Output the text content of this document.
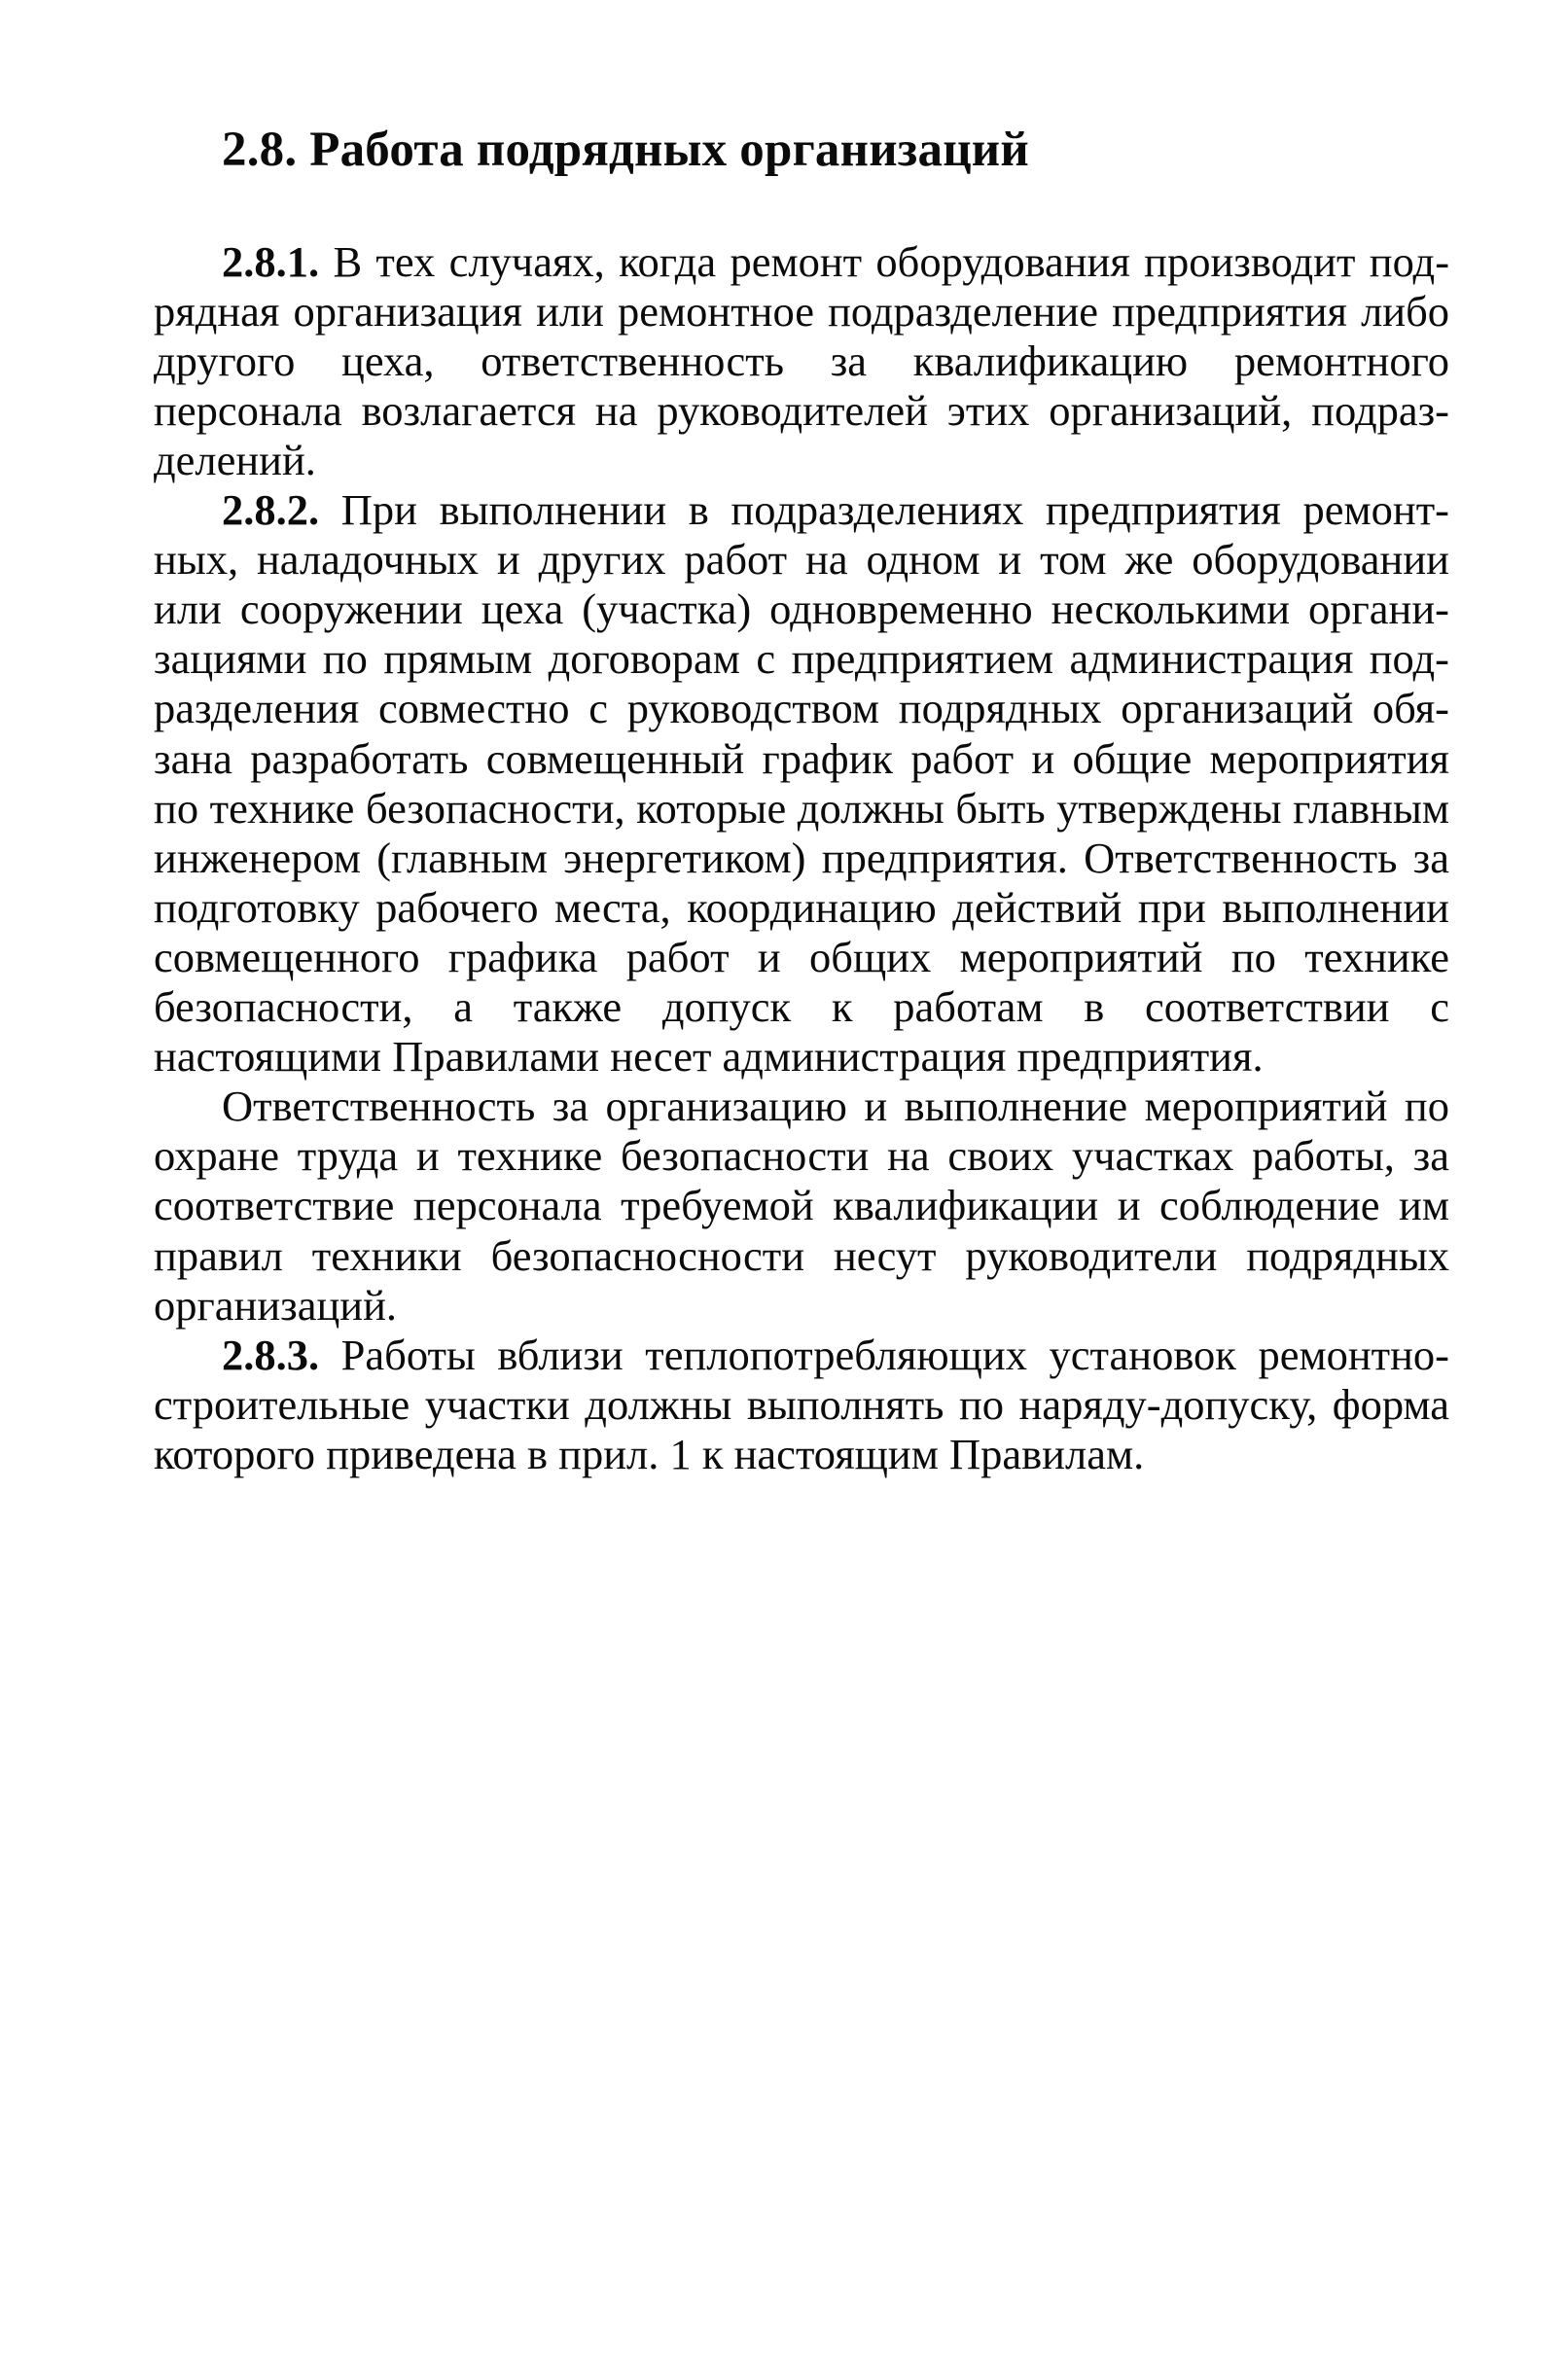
2.8. Работа подрядных организаций

2.8.1. В тех случаях, когда ремонт оборудования производит подрядная организация или ремонтное подразделение предприятия либо другого цеха, ответственность за квалификацию ремонтного персонала возлагается на руководителей этих организаций, подразделений.

2.8.2. При выполнении в подразделениях предприятия ремонтных, наладочных и других работ на одном и том же оборудовании или сооружении цеха (участка) одновременно несколькими организациями по прямым договорам с предприятием администрация подразделения совместно с руководством подрядных организаций обязана разработать совмещенный график работ и общие мероприятия по технике безопасности, которые должны быть утверждены главным инженером (главным энергетиком) предприятия. Ответственность за подготовку рабочего места, координацию действий при выполнении совмещенного графика работ и общих мероприятий по технике безопасности, а также допуск к работам в соответствии с настоящими Правилами несет администрация предприятия.

Ответственность за организацию и выполнение мероприятий по охране труда и технике безопасности на своих участках работы, за соответствие персонала требуемой квалификации и соблюдение им правил техники безопасносности несут руководители подрядных организаций.

2.8.3. Работы вблизи теплопотребляющих установок ремонтно-строительные участки должны выполнять по наряду-допуску, форма которого приведена в прил. 1 к настоящим Правилам.
